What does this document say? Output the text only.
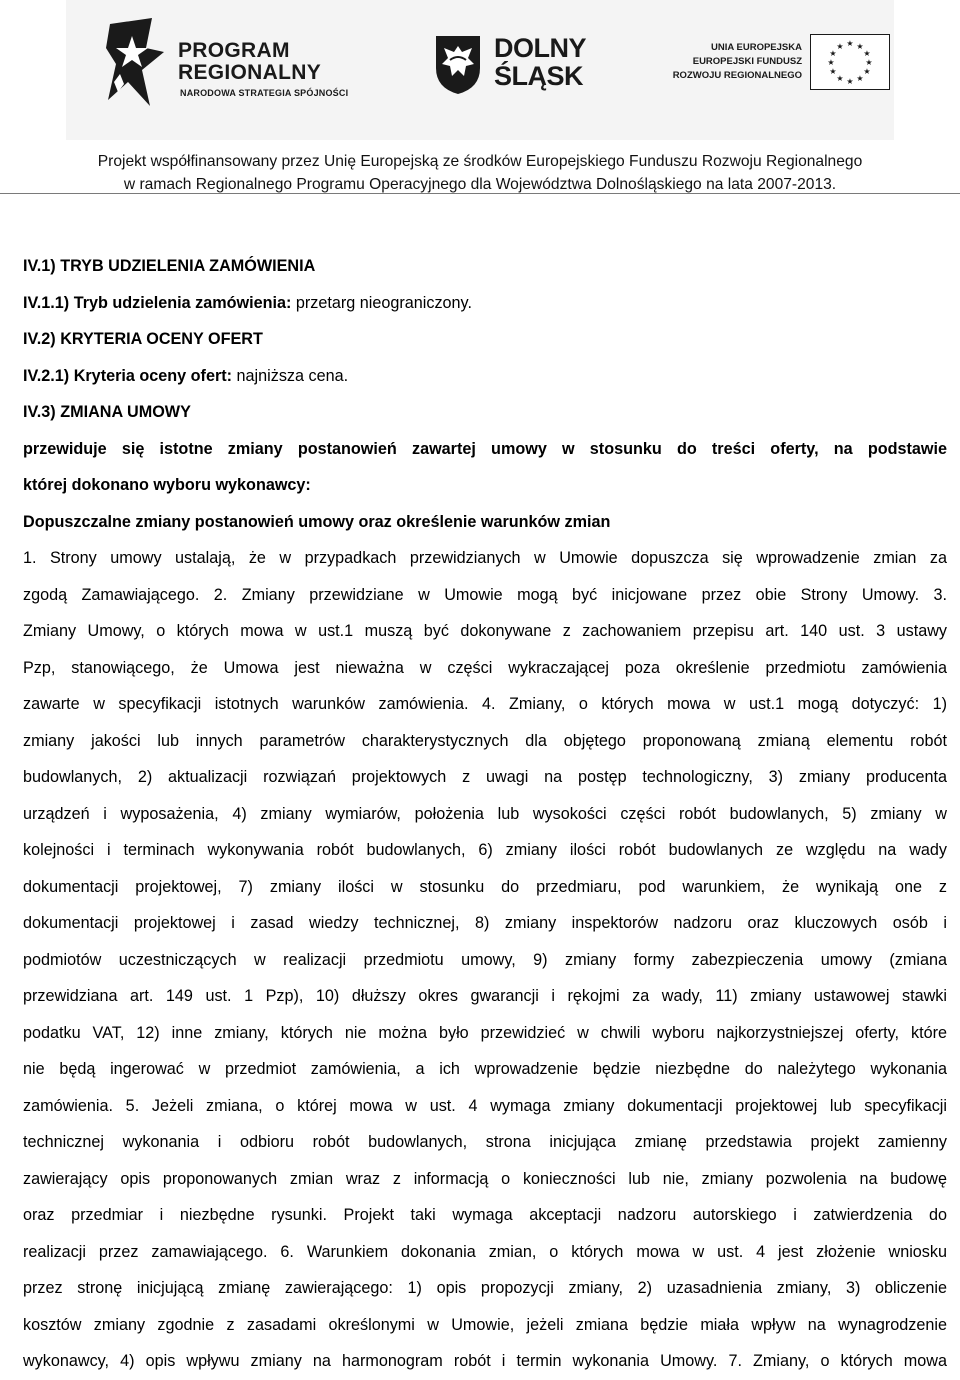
PROGRAM
REGIONALNY
NARODOWA STRATEGIA SPÓJNOŚCI
DOLNY
ŚLĄSK
UNIA EUROPEJSKA
EUROPEJSKI FUNDUSZ
ROZWOJU REGIONALNEGO
★ ★
★
★
★
★
★
★
★
★
★
★
Projekt współfinansowany przez Unię Europejską ze środków Europejskiego Funduszu Rozwoju Regionalnego
w ramach Regionalnego Programu Operacyjnego dla Województwa Dolnośląskiego na lata 2007-2013.

IV.1) TRYB UDZIELENIA ZAMÓWIENIA

IV.1.1) Tryb udzielenia zamówienia: przetarg nieograniczony.

IV.2) KRYTERIA OCENY OFERT

IV.2.1) Kryteria oceny ofert: najniższa cena.

IV.3) ZMIANA UMOWY

przewiduje się istotne zmiany postanowień zawartej umowy w stosunku do treści oferty, na podstawie
której dokonano wyboru wykonawcy:

Dopuszczalne zmiany postanowień umowy oraz określenie warunków zmian

1. Strony umowy ustalają, że w przypadkach przewidzianych w Umowie dopuszcza się wprowadzenie zmian za
zgodą Zamawiającego. 2. Zmiany przewidziane w Umowie mogą być inicjowane przez obie Strony Umowy. 3.
Zmiany Umowy, o których mowa w ust.1 muszą być dokonywane z zachowaniem przepisu art. 140 ust. 3 ustawy
Pzp, stanowiącego, że Umowa jest nieważna w części wykraczającej poza określenie przedmiotu zamówienia
zawarte w specyfikacji istotnych warunków zamówienia. 4. Zmiany, o których mowa w ust.1 mogą dotyczyć: 1)
zmiany jakości lub innych parametrów charakterystycznych dla objętego proponowaną zmianą elementu robót
budowlanych, 2) aktualizacji rozwiązań projektowych z uwagi na postęp technologiczny, 3) zmiany producenta
urządzeń i wyposażenia, 4) zmiany wymiarów, położenia lub wysokości części robót budowlanych, 5) zmiany w
kolejności i terminach wykonywania robót budowlanych, 6) zmiany ilości robót budowlanych ze względu na wady
dokumentacji projektowej, 7) zmiany ilości w stosunku do przedmiaru, pod warunkiem, że wynikają one z
dokumentacji projektowej i zasad wiedzy technicznej, 8) zmiany inspektorów nadzoru oraz kluczowych osób i
podmiotów uczestniczących w realizacji przedmiotu umowy, 9) zmiany formy zabezpieczenia umowy (zmiana
przewidziana art. 149 ust. 1 Pzp), 10) dłuższy okres gwarancji i rękojmi za wady, 11) zmiany ustawowej stawki
podatku VAT, 12) inne zmiany, których nie można było przewidzieć w chwili wyboru najkorzystniejszej oferty, które
nie będą ingerować w przedmiot zamówienia, a ich wprowadzenie będzie niezbędne do należytego wykonania
zamówienia. 5. Jeżeli zmiana, o której mowa w ust. 4 wymaga zmiany dokumentacji projektowej lub specyfikacji
technicznej wykonania i odbioru robót budowlanych, strona inicjująca zmianę przedstawia projekt zamienny
zawierający opis proponowanych zmian wraz z informacją o konieczności lub nie, zmiany pozwolenia na budowę
oraz przedmiar i niezbędne rysunki. Projekt taki wymaga akceptacji nadzoru autorskiego i zatwierdzenia do
realizacji przez zamawiającego. 6. Warunkiem dokonania zmian, o których mowa w ust. 4 jest złożenie wniosku
przez stronę inicjującą zmianę zawierającego: 1) opis propozycji zmiany, 2) uzasadnienia zmiany, 3) obliczenie
kosztów zmiany zgodnie z zasadami określonymi w Umowie, jeżeli zmiana będzie miała wpływ na wynagrodzenie
wykonawcy, 4) opis wpływu zmiany na harmonogram robót i termin wykonania Umowy. 7. Zmiany, o których mowa
